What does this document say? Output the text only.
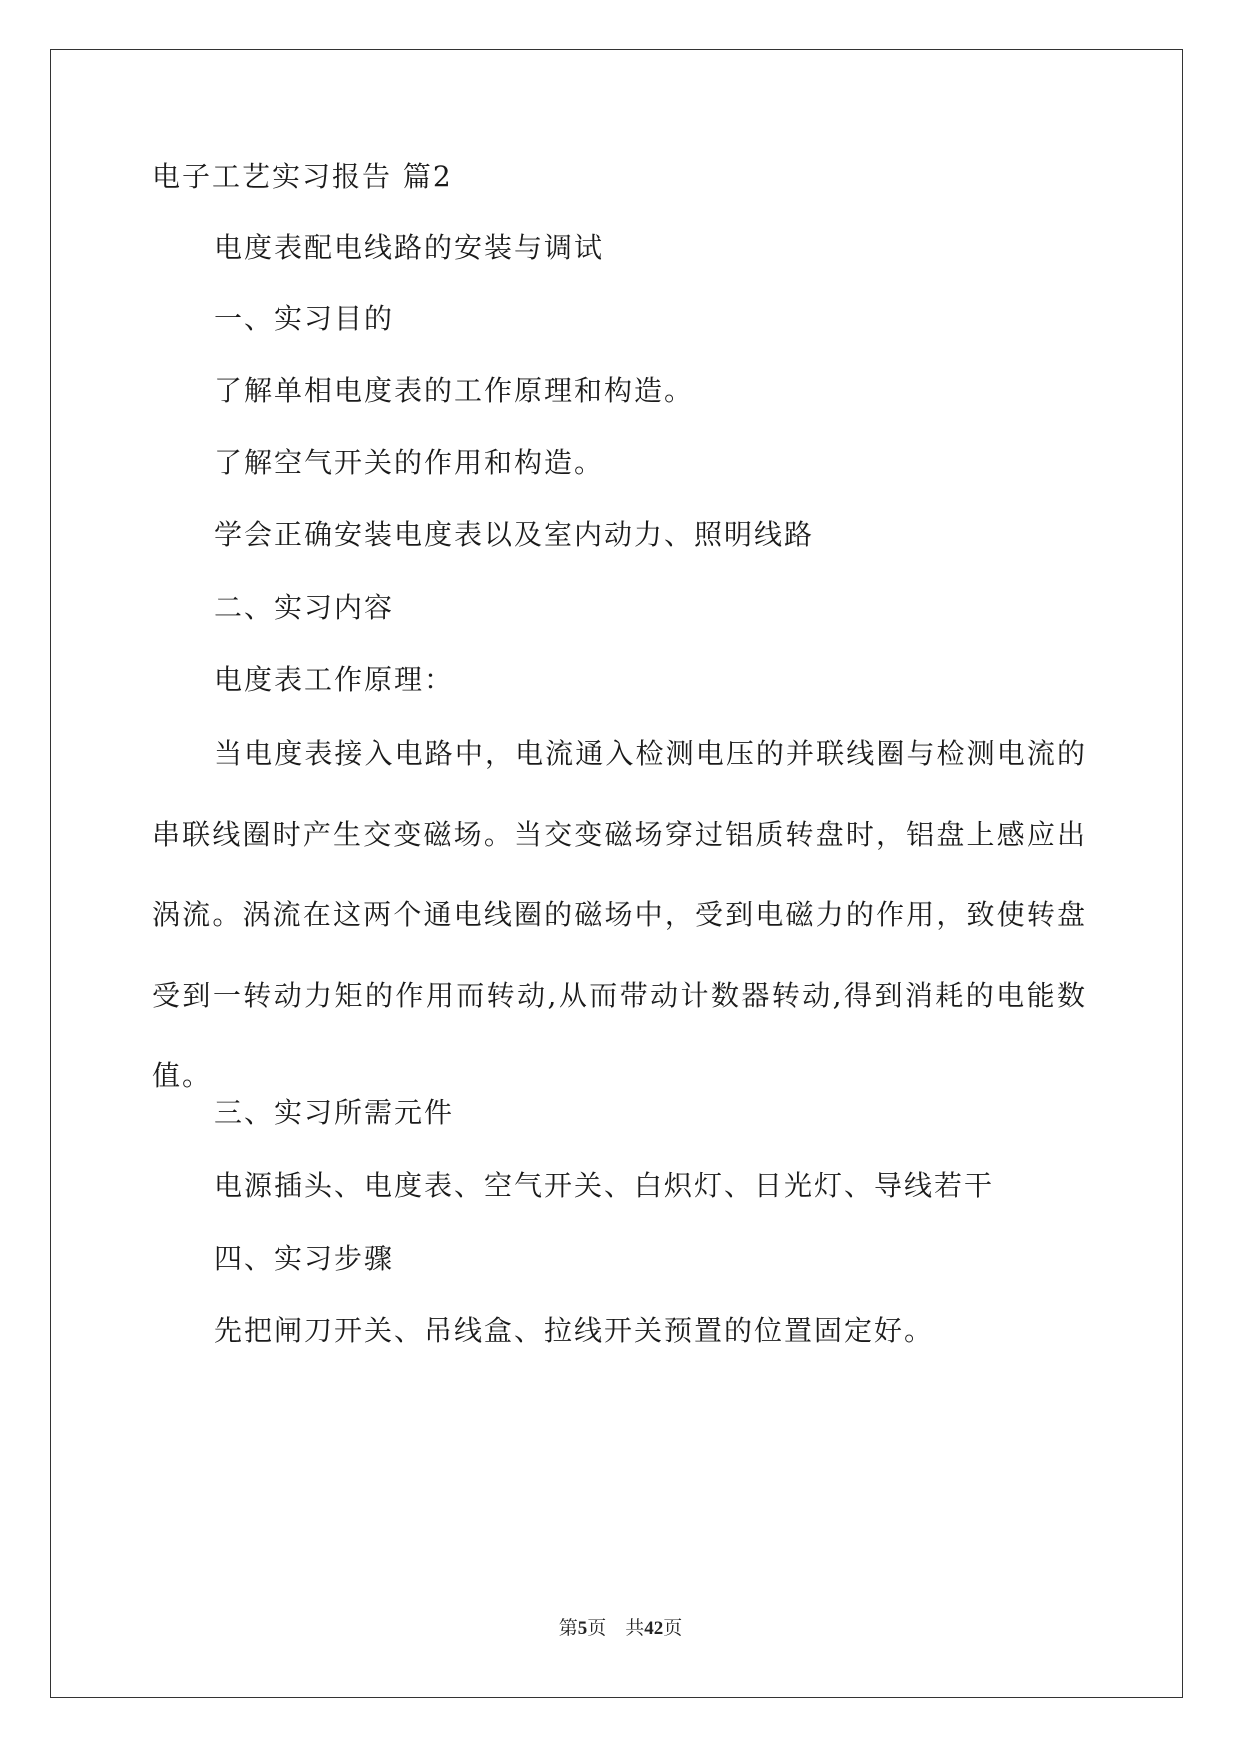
电子工艺实习报告 篇2
电度表配电线路的安装与调试
一、实习目的
了解单相电度表的工作原理和构造。
了解空气开关的作用和构造。
学会正确安装电度表以及室内动力、照明线路
二、实习内容
电度表工作原理：
当电度表接入电路中，电流通入检测电压的并联线圈与检测电流的串联线圈时产生交变磁场。当交变磁场穿过铝质转盘时，铝盘上感应出涡流。涡流在这两个通电线圈的磁场中，受到电磁力的作用，致使转盘受到一转动力矩的作用而转动,从而带动计数器转动,得到消耗的电能数值。
三、实习所需元件
电源插头、电度表、空气开关、白炽灯、日光灯、导线若干
四、实习步骤
先把闸刀开关、吊线盒、拉线开关预置的位置固定好。
第5页　共42页
